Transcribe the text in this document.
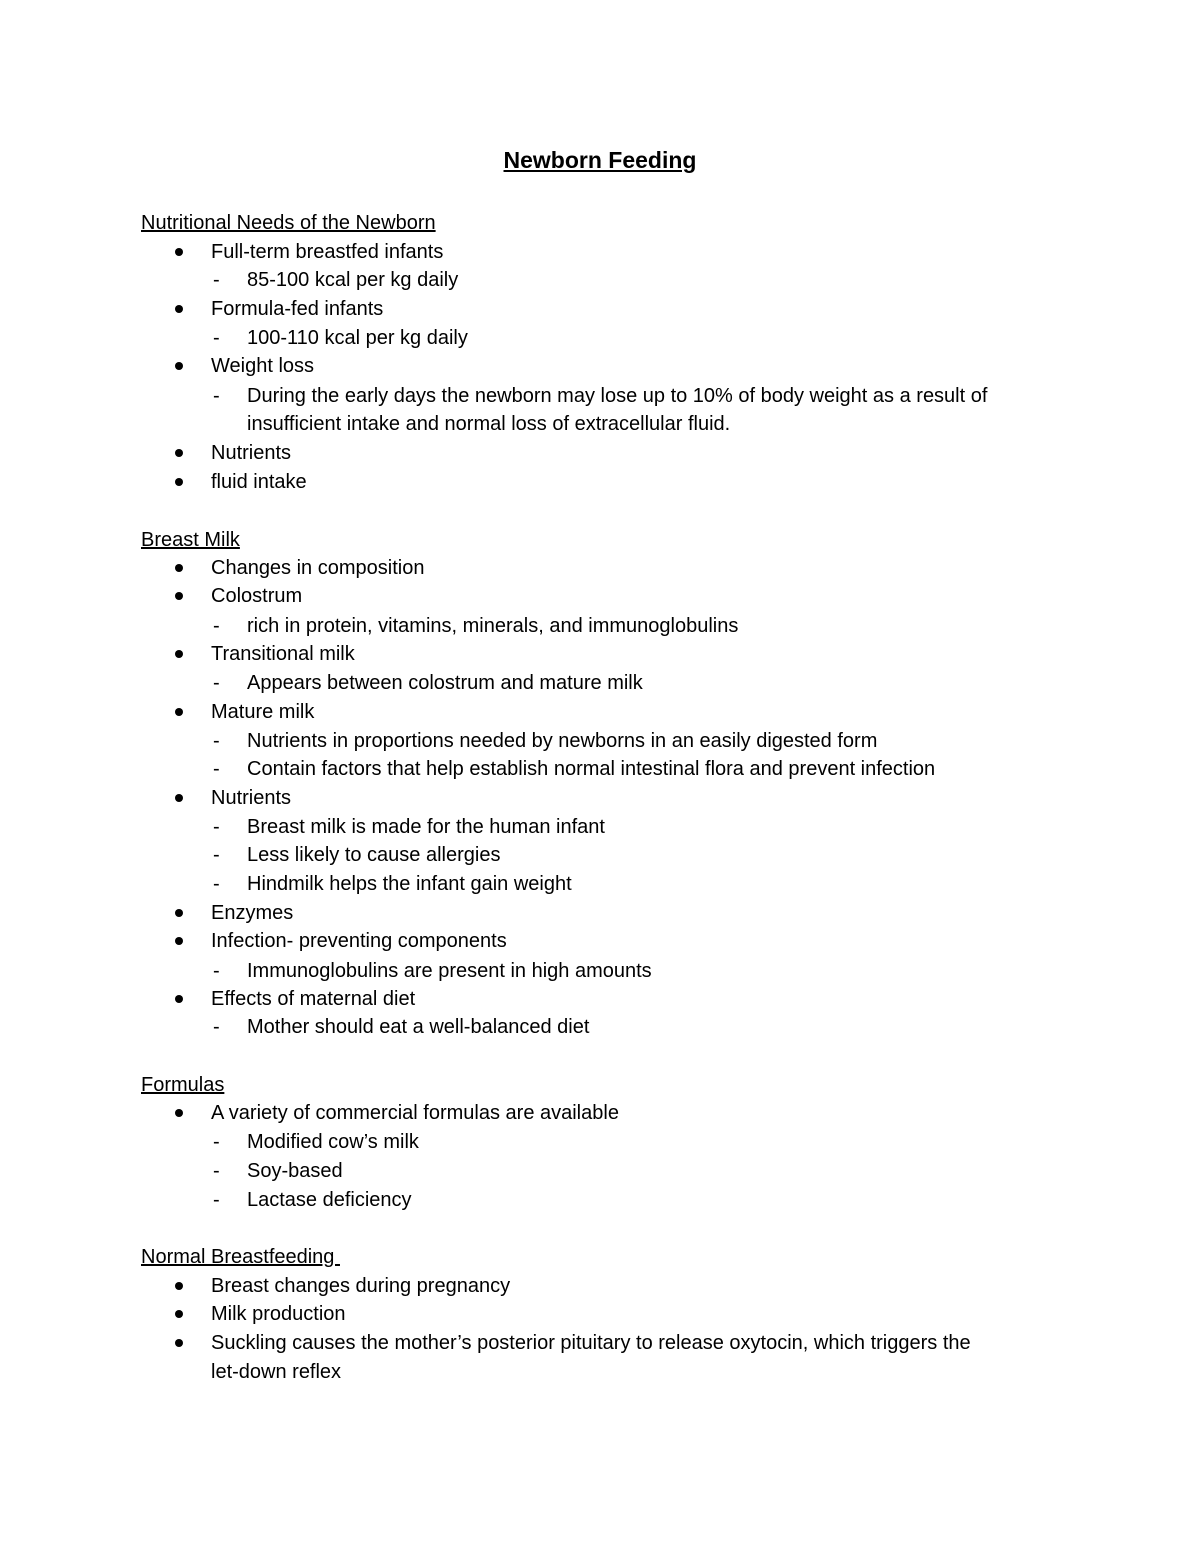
Newborn Feeding
Nutritional Needs of the Newborn
Full-term breastfed infants
- 85-100 kcal per kg daily
Formula-fed infants
- 100-110 kcal per kg daily
Weight loss
- During the early days the newborn may lose up to 10% of body weight as a result of
insufficient intake and normal loss of extracellular fluid.
Nutrients
fluid intake
Breast Milk
Changes in composition
Colostrum
- rich in protein, vitamins, minerals, and immunoglobulins
Transitional milk
- Appears between colostrum and mature milk
Mature milk
- Nutrients in proportions needed by newborns in an easily digested form
- Contain factors that help establish normal intestinal flora and prevent infection
Nutrients
- Breast milk is made for the human infant
- Less likely to cause allergies
- Hindmilk helps the infant gain weight
Enzymes
Infection- preventing components
- Immunoglobulins are present in high amounts
Effects of maternal diet
- Mother should eat a well-balanced diet
Formulas
A variety of commercial formulas are available
- Modified cow’s milk
- Soy-based
- Lactase deficiency
Normal Breastfeeding
Breast changes during pregnancy
Milk production
Suckling causes the mother’s posterior pituitary to release oxytocin, which triggers the
let-down reflex
